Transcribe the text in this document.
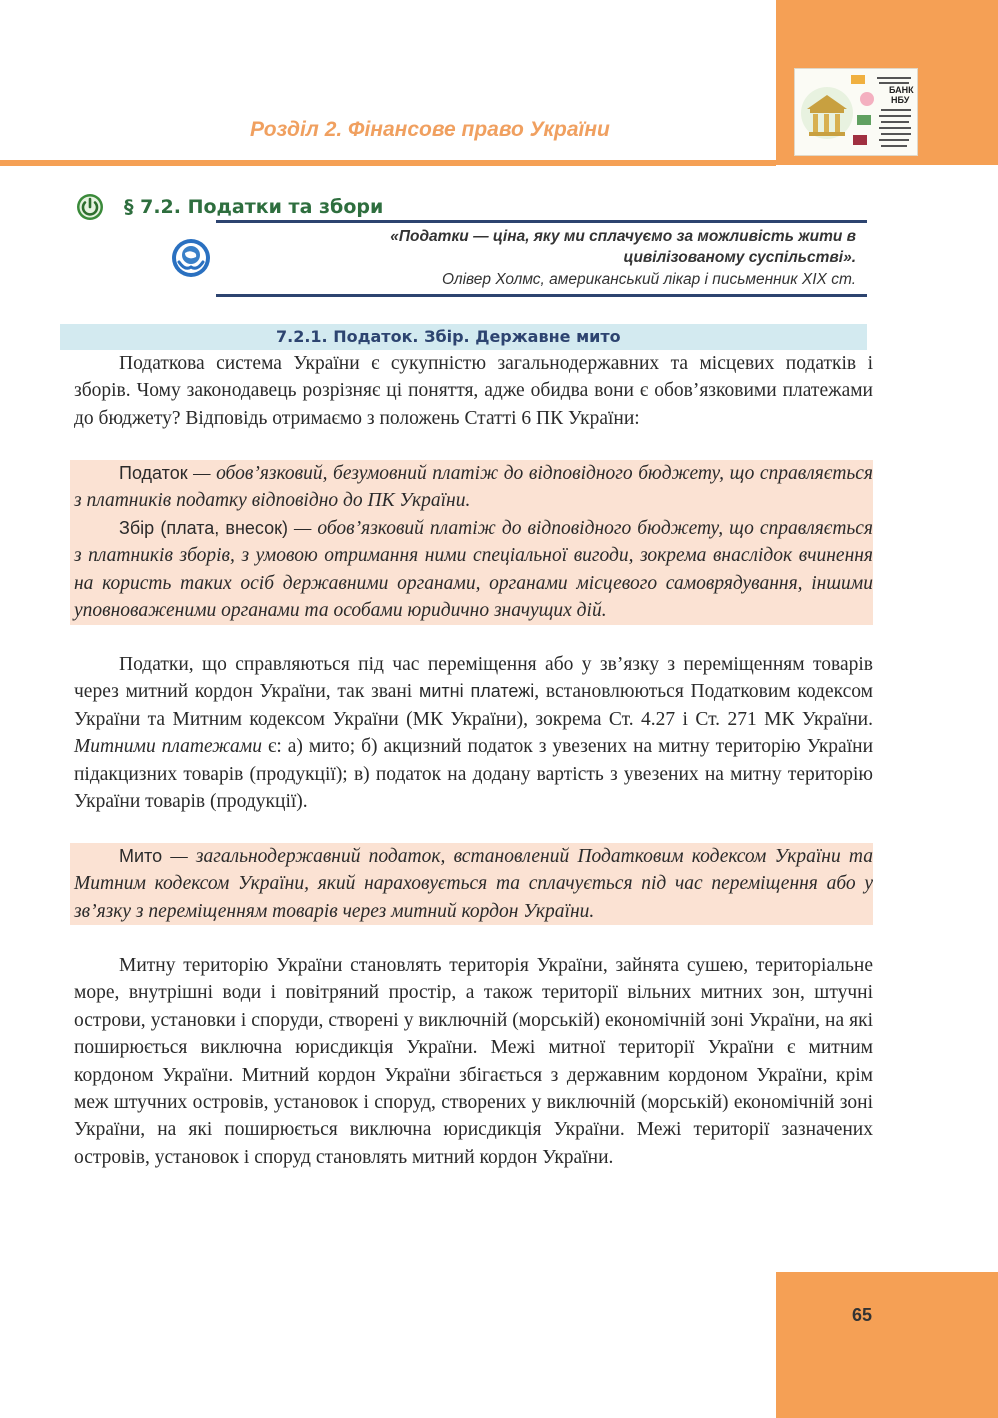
Розділ 2. Фінансове право України
БАНК
НБУ
§ 7.2. Податки та збори
«Податки — ціна, яку ми сплачуємо за можливість жити в
цивілізованому суспільстві».
Олівер Холмс, американський лікар і письменник XIX ст.
7.2.1. Податок. Збір. Державне мито

Податкова система України є сукупністю загальнодержавних та місцевих податків і зборів. Чому законодавець розрізняє ці поняття, адже обидва вони є обов’язковими платежами до бюджету? Відповідь отримаємо з положень Статті 6 ПК України:

Податок — обов’язковий, безумовний платіж до відповідного бюджету, що справляється з платників податку відповідно до ПК України.

Збір (плата, внесок) — обов’язковий платіж до відповідного бюджету, що справляється з платників зборів, з умовою отримання ними спеціальної вигоди, зокрема внаслідок вчинення на користь таких осіб державними органами, органами місцевого самоврядування, іншими уповноваженими органами та особами юридично значущих дій.

Податки, що справляються під час переміщення або у зв’язку з переміщенням товарів через митний кордон України, так звані митні платежі, встановлюються Податковим кодексом України та Митним кодексом України (МК України), зокрема Ст. 4.27 і Ст. 271 МК України. Митними платежами є: а) мито; б) акцизний податок з увезених на митну територію України підакцизних товарів (продукції); в) податок на додану вартість з увезених на митну територію України товарів (продукції).

Мито — загальнодержавний податок, встановлений Податковим кодексом України та Митним кодексом України, який нараховується та сплачується під час переміщення або у зв’язку з переміщенням товарів через митний кордон України.

Митну територію України становлять територія України, зайнята сушею, територіальне море, внутрішні води і повітряний простір, а також території вільних митних зон, штучні острови, установки і споруди, створені у виключній (морській) економічній зоні України, на які поширюється виключна юрисдикція України. Межі митної території України є митним кордоном України. Митний кордон України збігається з державним кордоном України, крім меж штучних островів, установок і споруд, створених у виключній (морській) економічній зоні України, на які поширюється виключна юрисдикція України. Межі території зазначених островів, установок і споруд становлять митний кордон України.

65
